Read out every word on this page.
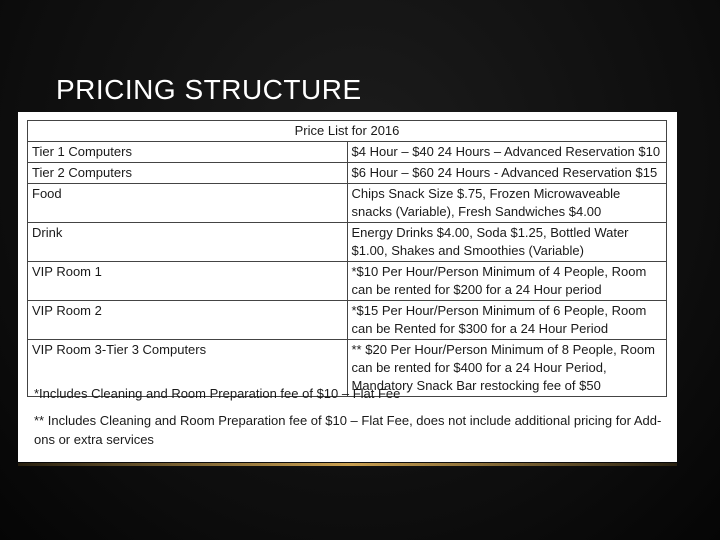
PRICING STRUCTURE
Price List for 2016	
Tier 1 Computers	$4 Hour – $40 24 Hours – Advanced Reservation $10
Tier 2 Computers	$6 Hour – $60 24 Hours - Advanced Reservation $15
Food	Chips Snack Size $.75, Frozen Microwaveable snacks (Variable), Fresh Sandwiches $4.00
Drink	Energy Drinks $4.00, Soda $1.25, Bottled Water $1.00, Shakes and Smoothies (Variable)
VIP Room 1	*$10 Per Hour/Person Minimum of 4 People, Room can be rented for $200 for a 24 Hour period
VIP Room 2	*$15 Per Hour/Person Minimum of 6 People, Room can be Rented for $300 for a 24 Hour Period
VIP Room 3-Tier 3 Computers	** $20 Per Hour/Person Minimum of 8 People, Room can be rented for $400 for a 24 Hour Period, Mandatory Snack Bar restocking fee of $50

*Includes Cleaning and Room Preparation fee of $10 – Flat Fee

** Includes Cleaning and Room Preparation fee of $10 – Flat Fee, does not include additional pricing for Add-ons or extra services
